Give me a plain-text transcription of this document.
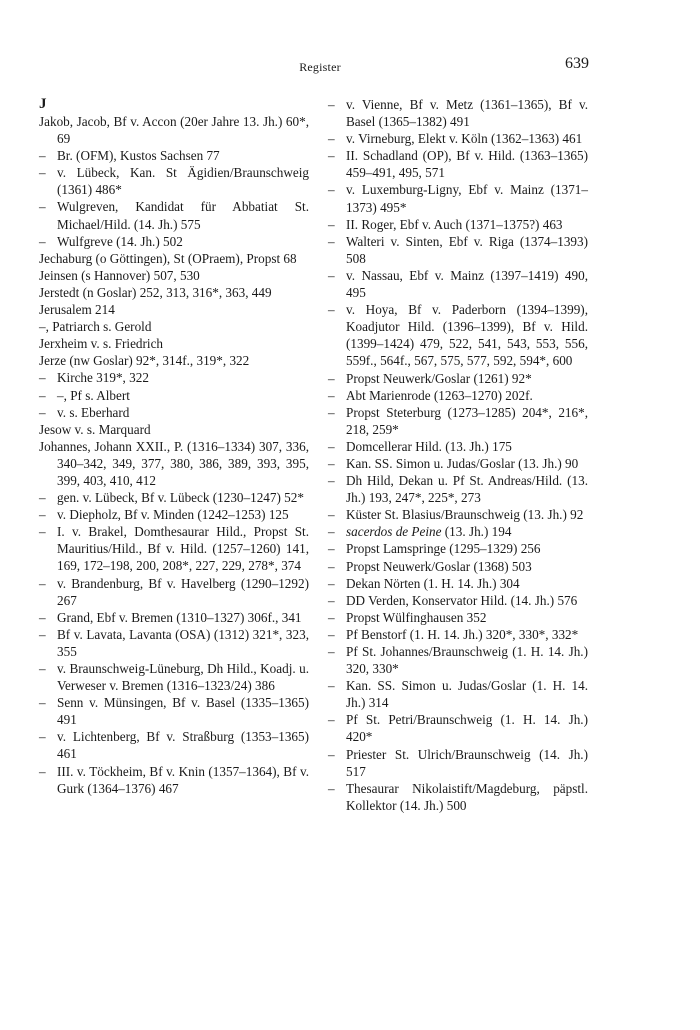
Register	639
J
Jakob, Jacob, Bf v. Accon (20er Jahre 13. Jh.) 60*, 69
– Br. (OFM), Kustos Sachsen 77
– v. Lübeck, Kan. St Ägidien/Braunschweig (1361) 486*
– Wulgreven, Kandidat für Abbatiat St. Michael/Hild. (14. Jh.) 575
– Wulfgreve (14. Jh.) 502
Jechaburg (o Göttingen), St (OPraem), Propst 68
Jeinsen (s Hannover) 507, 530
Jerstedt (n Goslar) 252, 313, 316*, 363, 449
Jerusalem 214
–, Patriarch s. Gerold
Jerxheim v. s. Friedrich
Jerze (nw Goslar) 92*, 314f., 319*, 322
– Kirche 319*, 322
– –, Pf s. Albert
– v. s. Eberhard
Jesow v. s. Marquard
Johannes, Johann XXII., P. (1316–1334) 307, 336, 340–342, 349, 377, 380, 386, 389, 393, 395, 399, 403, 410, 412
– gen. v. Lübeck, Bf v. Lübeck (1230–1247) 52*
– v. Diepholz, Bf v. Minden (1242–1253) 125
– I. v. Brakel, Domthesaurar Hild., Propst St. Mauritius/Hild., Bf v. Hild. (1257–1260) 141, 169, 172–198, 200, 208*, 227, 229, 278*, 374
– v. Brandenburg, Bf v. Havelberg (1290–1292) 267
– Grand, Ebf v. Bremen (1310–1327) 306f., 341
– Bf v. Lavata, Lavanta (OSA) (1312) 321*, 323, 355
– v. Braunschweig-Lüneburg, Dh Hild., Koadj. u. Verweser v. Bremen (1316–1323/24) 386
– Senn v. Münsingen, Bf v. Basel (1335–1365) 491
– v. Lichtenberg, Bf v. Straßburg (1353–1365) 461
– III. v. Töckheim, Bf v. Knin (1357–1364), Bf v. Gurk (1364–1376) 467
– v. Vienne, Bf v. Metz (1361–1365), Bf v. Basel (1365–1382) 491
– v. Virneburg, Elekt v. Köln (1362–1363) 461
– II. Schadland (OP), Bf v. Hild. (1363–1365) 459–491, 495, 571
– v. Luxemburg-Ligny, Ebf v. Mainz (1371–1373) 495*
– II. Roger, Ebf v. Auch (1371–1375?) 463
– Walteri v. Sinten, Ebf v. Riga (1374–1393) 508
– v. Nassau, Ebf v. Mainz (1397–1419) 490, 495
– v. Hoya, Bf v. Paderborn (1394–1399), Koadjutor Hild. (1396–1399), Bf v. Hild. (1399–1424) 479, 522, 541, 543, 553, 556, 559f., 564f., 567, 575, 577, 592, 594*, 600
– Propst Neuwerk/Goslar (1261) 92*
– Abt Marienrode (1263–1270) 202f.
– Propst Steterburg (1273–1285) 204*, 216*, 218, 259*
– Domcellerar Hild. (13. Jh.) 175
– Kan. SS. Simon u. Judas/Goslar (13. Jh.) 90
– Dh Hild, Dekan u. Pf St. Andreas/Hild. (13. Jh.) 193, 247*, 225*, 273
– Küster St. Blasius/Braunschweig (13. Jh.) 92
– sacerdos de Peine (13. Jh.) 194
– Propst Lamspringe (1295–1329) 256
– Propst Neuwerk/Goslar (1368) 503
– Dekan Nörten (1. H. 14. Jh.) 304
– DD Verden, Konservator Hild. (14. Jh.) 576
– Propst Wülfinghausen 352
– Pf Benstorf (1. H. 14. Jh.) 320*, 330*, 332*
– Pf St. Johannes/Braunschweig (1. H. 14. Jh.) 320, 330*
– Kan. SS. Simon u. Judas/Goslar (1. H. 14. Jh.) 314
– Pf St. Petri/Braunschweig (1. H. 14. Jh.) 420*
– Priester St. Ulrich/Braunschweig (14. Jh.) 517
– Thesaurar Nikolaistift/Magdeburg, päpstl. Kollektor (14. Jh.) 500
